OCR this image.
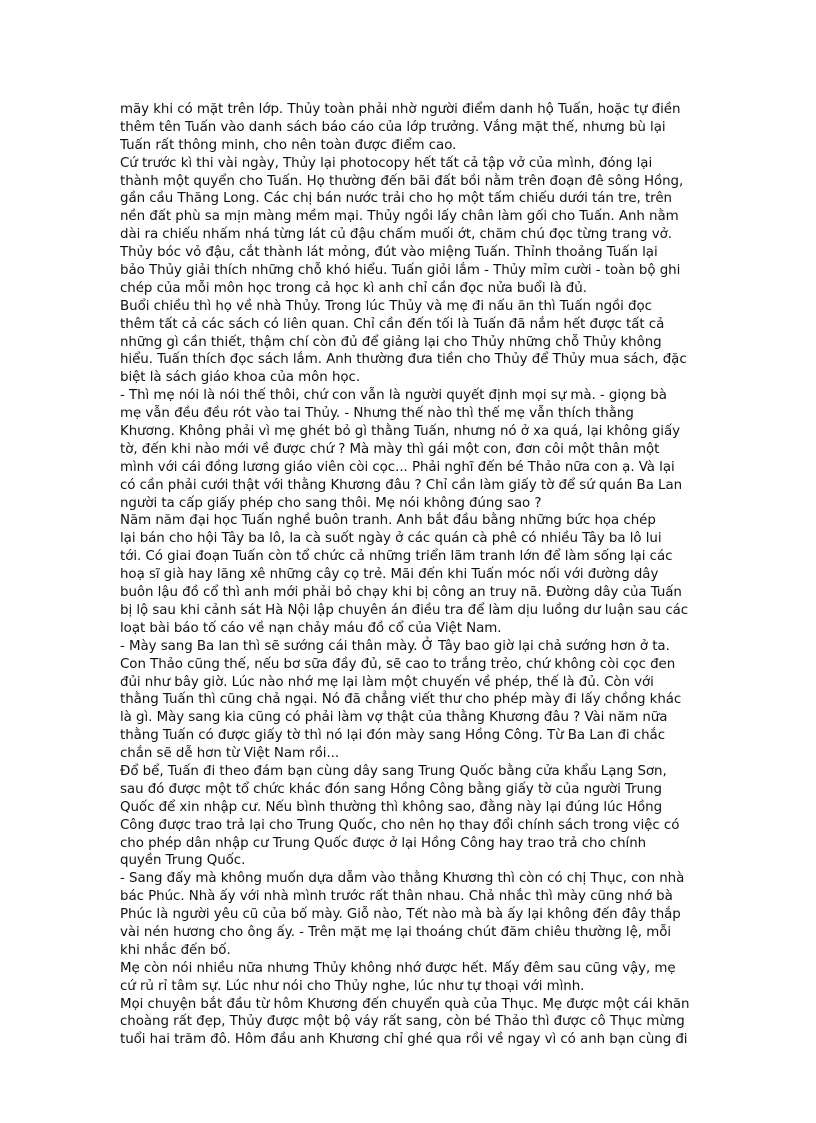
mãy khi có mặt trên lớp. Thủy toàn phải nhờ người điểm danh hộ Tuấn, hoặc tự điền
thêm tên Tuấn vào danh sách báo cáo của lớp trưởng. Vắng mặt thế, nhưng bù lại
Tuấn rất thông minh, cho nên toàn được điểm cao.
Cứ trước kì thi vài ngày, Thủy lại photocopy hết tất cả tập vở của mình, đóng lại
thành một quyển cho Tuấn. Họ thường đến bãi đất bồi nằm trên đoạn đê sông Hồng,
gần cầu Thăng Long. Các chị bán nước trải cho họ một tấm chiếu dưới tán tre, trên
nền đất phù sa mịn màng mềm mại. Thủy ngồi lấy chân làm gối cho Tuấn. Anh nằm
dài ra chiếu nhấm nhá từng lát củ đậu chấm muối ớt, chăm chú đọc từng trang vở.
Thủy bóc vỏ đậu, cắt thành lát mỏng, đút vào miệng Tuấn. Thỉnh thoảng Tuấn lại
bảo Thủy giải thích những chỗ khó hiểu. Tuấn giỏi lắm - Thủy mỉm cười - toàn bộ ghi
chép của mỗi môn học trong cả học kì anh chỉ cần đọc nửa buổi là đủ.
Buổi chiều thì họ về nhà Thủy. Trong lúc Thủy và mẹ đi nấu ăn thì Tuấn ngồi đọc
thêm tất cả các sách có liên quan. Chỉ cần đến tối là Tuấn đã nắm hết được tất cả
những gì cần thiết, thậm chí còn đủ để giảng lại cho Thủy những chỗ Thủy không
hiểu. Tuấn thích đọc sách lắm. Anh thường đưa tiền cho Thủy để Thủy mua sách, đặc
biệt là sách giáo khoa của môn học.
- Thì mẹ nói là nói thế thôi, chứ con vẫn là người quyết định mọi sự mà. - giọng bà
mẹ vẫn đều đều rót vào tai Thủy. - Nhưng thế nào thì thế mẹ vẫn thích thằng
Khương. Không phải vì mẹ ghét bỏ gì thằng Tuấn, nhưng nó ở xa quá, lại không giấy
tờ, đến khi nào mới về được chứ ? Mà mày thì gái một con, đơn côi một thân một
mình với cái đồng lương giáo viên còi cọc... Phải nghĩ đến bé Thảo nữa con ạ. Và lại
có cần phải cưới thật với thằng Khương đâu ? Chỉ cần làm giấy tờ để sứ quán Ba Lan
người ta cấp giấy phép cho sang thôi. Mẹ nói không đúng sao ?
Năm năm đại học Tuấn nghề buôn tranh. Anh bắt đầu bằng những bức họa chép
lại bán cho hội Tây ba lô, la cà suốt ngày ở các quán cà phê có nhiều Tây ba lô lui
tới. Có giai đoạn Tuấn còn tổ chức cả những triển lãm tranh lớn để làm sống lại các
hoạ sĩ già hay lăng xê những cây cọ trẻ. Mãi đến khi Tuấn móc nối với đường dây
buôn lậu đồ cổ thì anh mới phải bỏ chạy khi bị công an truy nã. Đường dây của Tuấn
bị lộ sau khi cảnh sát Hà Nội lập chuyên án điều tra để làm dịu luồng dư luận sau các
loạt bài báo tố cáo về nạn chảy máu đồ cổ của Việt Nam.
- Mày sang Ba lan thì sẽ sướng cái thân mày. Ở Tây bao giờ lại chả sướng hơn ở ta.
Con Thảo cũng thế, nếu bơ sữa đầy đủ, sẽ cao to trắng trẻo, chứ không còi cọc đen
đủi như bây giờ. Lúc nào nhớ mẹ lại làm một chuyến về phép, thế là đủ. Còn với
thằng Tuấn thì cũng chả ngại. Nó đã chẳng viết thư cho phép mày đi lấy chồng khác
là gì. Mày sang kia cũng có phải làm vợ thật của thằng Khương đâu ? Vài năm nữa
thằng Tuấn có được giấy tờ thì nó lại đón mày sang Hồng Công. Từ Ba Lan đi chắc
chắn sẽ dễ hơn từ Việt Nam rồi...
Đổ bể, Tuấn đi theo đám bạn cùng dây sang Trung Quốc bằng cửa khẩu Lạng Sơn,
sau đó được một tổ chức khác đón sang Hồng Công bằng giấy tờ của người Trung
Quốc để xin nhập cư. Nếu bình thường thì không sao, đằng này lại đúng lúc Hồng
Công được trao trả lại cho Trung Quốc, cho nên họ thay đổi chính sách trong việc có
cho phép dân nhập cư Trung Quốc được ở lại Hồng Công hay trao trả cho chính
quyền Trung Quốc.
- Sang đấy mà không muốn dựa dẫm vào thằng Khương thì còn có chị Thục, con nhà
bác Phúc. Nhà ấy với nhà mình trước rất thân nhau. Chả nhắc thì mày cũng nhớ bà
Phúc là người yêu cũ của bố mày. Giỗ nào, Tết nào mà bà ấy lại không đến đây thắp
vài nén hương cho ông ấy. - Trên mặt mẹ lại thoáng chút đăm chiêu thường lệ, mỗi
khi nhắc đến bố.
Mẹ còn nói nhiều nữa nhưng Thủy không nhớ được hết. Mấy đêm sau cũng vậy, mẹ
cứ rủ rỉ tâm sự. Lúc như nói cho Thủy nghe, lúc như tự thoại với mình.
Mọi chuyện bắt đầu từ hôm Khương đến chuyển quà của Thục. Mẹ được một cái khăn
choàng rất đẹp, Thủy được một bộ váy rất sang, còn bé Thảo thì được cô Thục mừng
tuổi hai trăm đô. Hôm đầu anh Khương chỉ ghé qua rồi về ngay vì có anh bạn cùng đi
